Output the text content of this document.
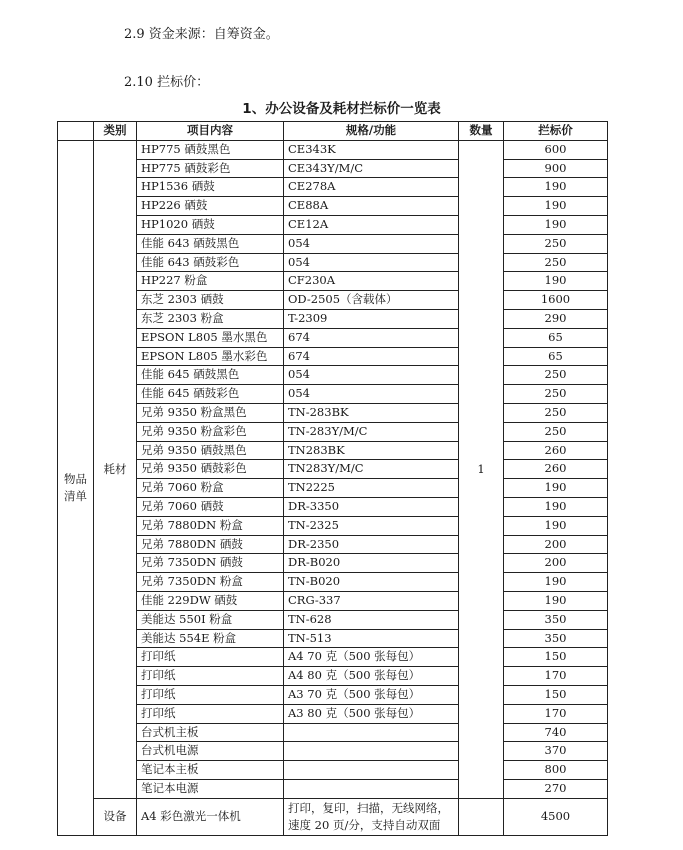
2.9 资金来源：自筹资金。
2.10 拦标价：
1、办公设备及耗材拦标价一览表
	类别	项目内容	规格/功能	数量	拦标价
物品清单	耗材	HP775 硒鼓黑色	CE343K	1	600
		HP775 硒鼓彩色	CE343Y/M/C		900
		HP1536 硒鼓	CE278A		190
		HP226 硒鼓	CE88A		190
		HP1020 硒鼓	CE12A		190
		佳能 643 硒鼓黑色	054		250
		佳能 643 硒鼓彩色	054		250
		HP227 粉盒	CF230A		190
		东芝 2303 硒鼓	OD-2505（含载体）		1600
		东芝 2303 粉盒	T-2309		290
		EPSON L805 墨水黑色	674		65
		EPSON L805 墨水彩色	674		65
		佳能 645 硒鼓黑色	054		250
		佳能 645 硒鼓彩色	054		250
		兄弟 9350 粉盒黑色	TN-283BK		250
		兄弟 9350 粉盒彩色	TN-283Y/M/C		250
		兄弟 9350 硒鼓黑色	TN283BK		260
		兄弟 9350 硒鼓彩色	TN283Y/M/C		260
		兄弟 7060 粉盒	TN2225		190
		兄弟 7060 硒鼓	DR-3350		190
		兄弟 7880DN 粉盒	TN-2325		190
		兄弟 7880DN 硒鼓	DR-2350		200
		兄弟 7350DN 硒鼓	DR-B020		200
		兄弟 7350DN 粉盒	TN-B020		190
		佳能 229DW 硒鼓	CRG-337		190
		美能达 550I 粉盒	TN-628		350
		美能达 554E 粉盒	TN-513		350
		打印纸	A4 70 克（500 张每包）		150
		打印纸	A4 80 克（500 张每包）		170
		打印纸	A3 70 克（500 张每包）		150
		打印纸	A3 80 克（500 张每包）		170
		台式机主板			740
		台式机电源			370
		笔记本主板			800
		笔记本电源			270
	设备	A4 彩色激光一体机	打印，复印，扫描，无线网络，速度 20 页/分，支持自动双面		4500
